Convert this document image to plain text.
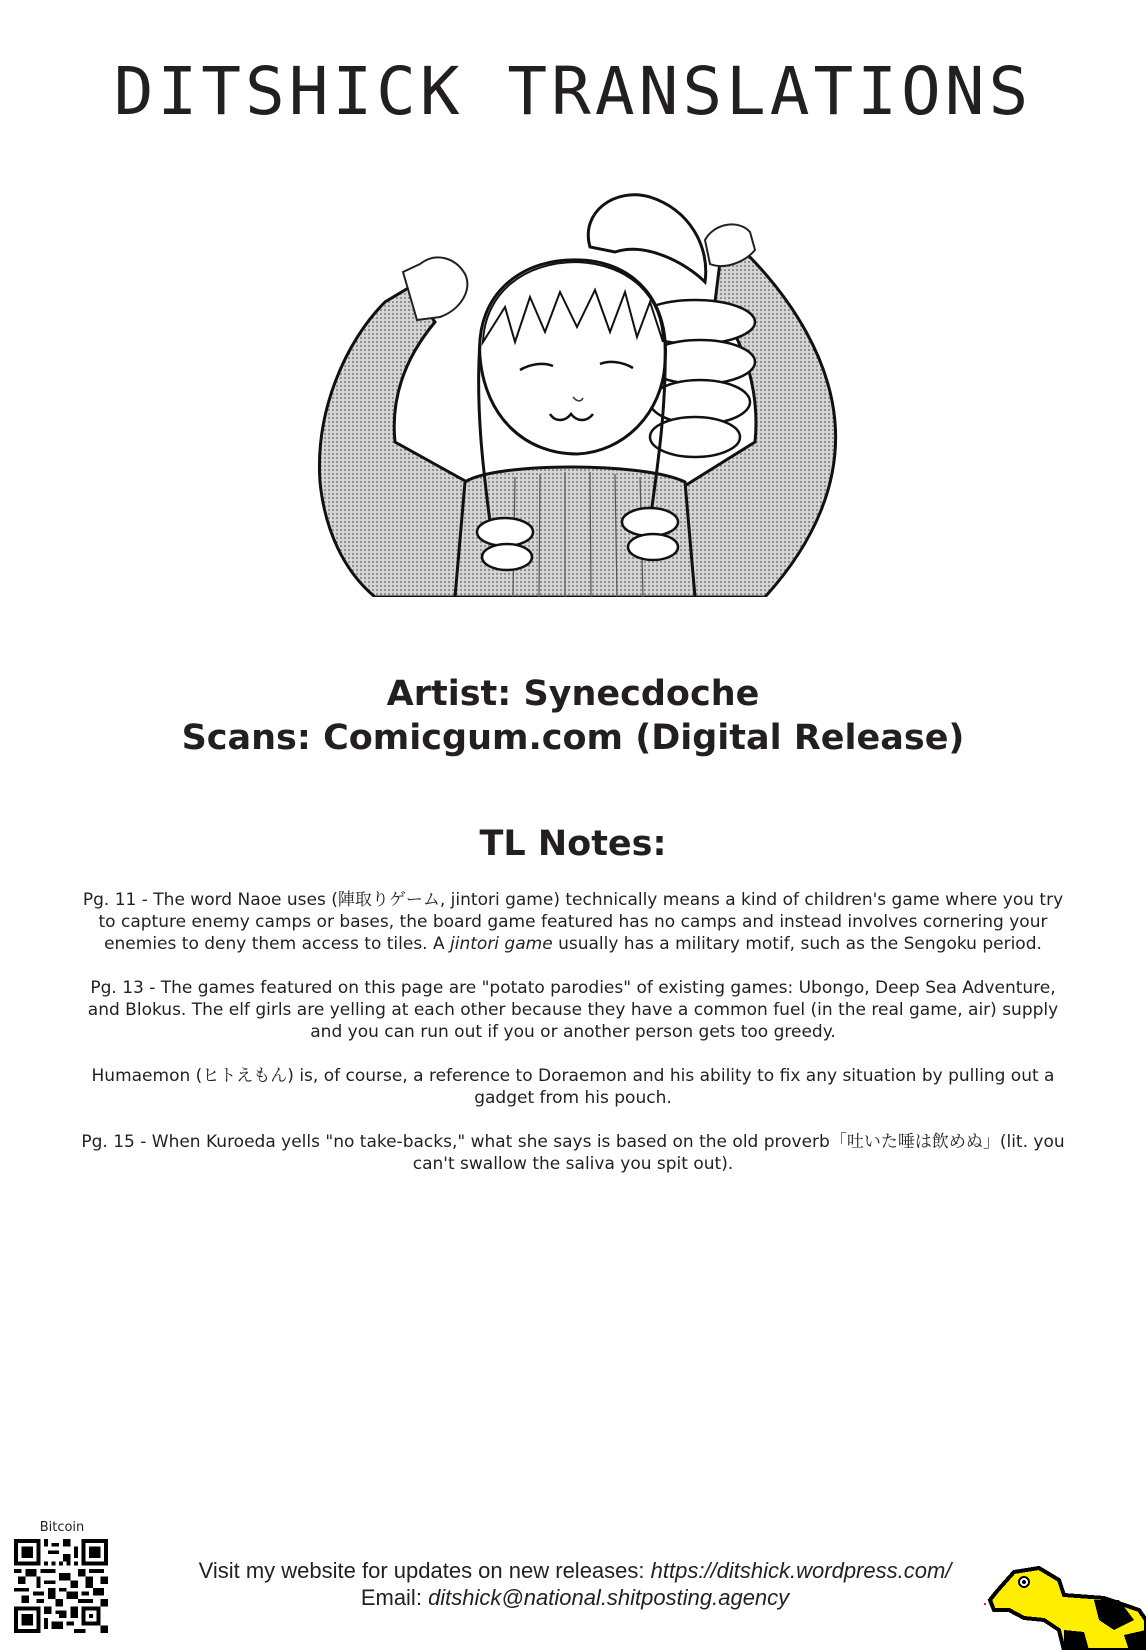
DITSHICK TRANSLATIONS
Artist: Synecdoche
Scans: Comicgum.com (Digital Release)
TL Notes:

Pg. 11 - The word Naoe uses (陣取りゲーム, jintori game) technically means a kind of children's game where you try to capture enemy camps or bases, the board game featured has no camps and instead involves cornering your enemies to deny them access to tiles. A jintori game usually has a military motif, such as the Sengoku period.

Pg. 13 - The games featured on this page are "potato parodies" of existing games: Ubongo, Deep Sea Adventure, and Blokus. The elf girls are yelling at each other because they have a common fuel (in the real game, air) supply and you can run out if you or another person gets too greedy.

Humaemon (ヒトえもん) is, of course, a reference to Doraemon and his ability to fix any situation by pulling out a gadget from his pouch.

Pg. 15 - When Kuroeda yells "no take-backs," what she says is based on the old proverb「吐いた唾は飲めぬ」(lit. you can't swallow the saliva you spit out).

Bitcoin
Visit my website for updates on new releases: https://ditshick.wordpress.com/
Email: ditshick@national.shitposting.agency
